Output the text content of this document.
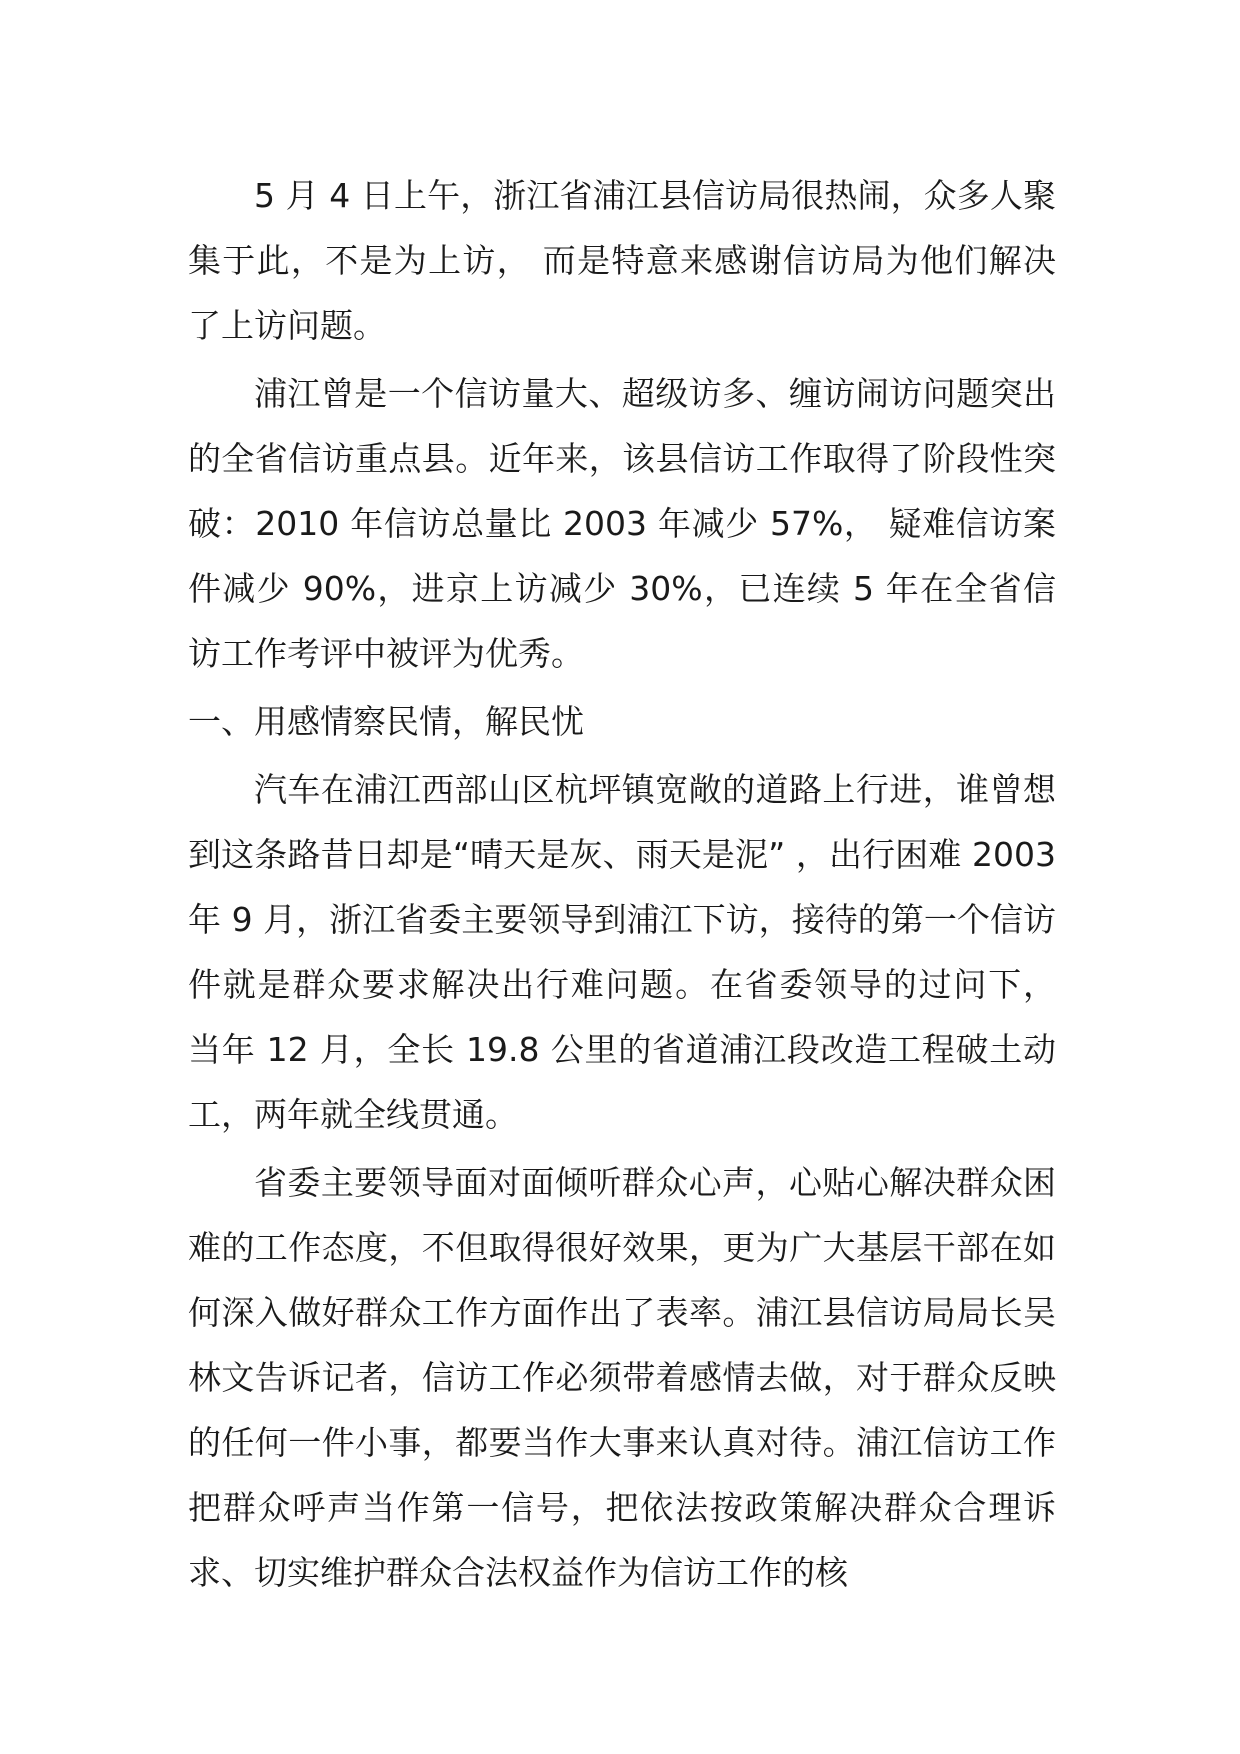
5 月 4 日上午，浙江省浦江县信访局很热闹，众多人聚集于此，不是为上访， 而是特意来感谢信访局为他们解决了上访问题。

浦江曾是一个信访量大、超级访多、缠访闹访问题突出的全省信访重点县。近年来，该县信访工作取得了阶段性突破：2010 年信访总量比 2003 年减少 57%， 疑难信访案件减少 90%，进京上访减少 30%，已连续 5 年在全省信访工作考评中被评为优秀。

一、用感情察民情，解民忧

汽车在浦江西部山区杭坪镇宽敞的道路上行进，谁曾想到这条路昔日却是“晴天是灰、雨天是泥” ，出行困难 2003 年 9 月，浙江省委主要领导到浦江下访，接待的第一个信访件就是群众要求解决出行难问题。在省委领导的过问下， 当年 12 月，全长 19.8 公里的省道浦江段改造工程破土动工，两年就全线贯通。

省委主要领导面对面倾听群众心声，心贴心解决群众困难的工作态度，不但取得很好效果，更为广大基层干部在如何深入做好群众工作方面作出了表率。浦江县信访局局长吴林文告诉记者，信访工作必须带着感情去做，对于群众反映的任何一件小事，都要当作大事来认真对待。浦江信访工作把群众呼声当作第一信号，把依法按政策解决群众合理诉求、切实维护群众合法权益作为信访工作的核
